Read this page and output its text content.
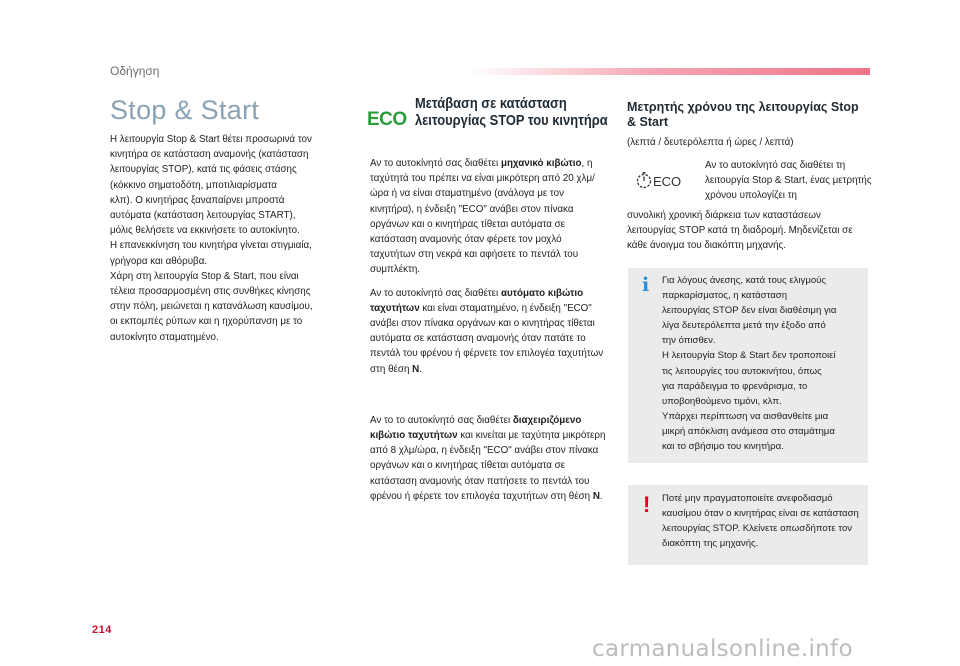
Οδήγηση
Stop & Start

Η λειτουργία Stop & Start θέτει προσωρινά τον
κινητήρα σε κατάσταση αναμονής (κατάσταση
λειτουργίας STOP), κατά τις φάσεις στάσης
(κόκκινο σηματοδότη, μποτιλιαρίσματα
κλπ). Ο κινητήρας ξαναπαίρνει μπροστά
αυτόματα (κατάσταση λειτουργίας START),
μόλις θελήσετε να εκκινήσετε το αυτοκίνητο.
Η επανεκκίνηση του κινητήρα γίνεται στιγμιαία,
γρήγορα και αθόρυβα.
Χάρη στη λειτουργία Stop & Start, που είναι
τέλεια προσαρμοσμένη στις συνθήκες κίνησης
στην πόλη, μειώνεται η κατανάλωση καυσίμου,
οι εκπομπές ρύπων και η ηχορύπανση με το
αυτοκίνητο σταματημένο.

ECO
Μετάβαση σε κατάσταση λειτουργίας STOP του κινητήρα

Αν το αυτοκίνητό σας διαθέτει μηχανικό κιβώτιο, η ταχύτητά του πρέπει να είναι μικρότερη από 20 χλμ/ώρα ή να είναι σταματημένο (ανάλογα με τον κινητήρα), η ένδειξη "ECO" ανάβει στον πίνακα οργάνων και ο κινητήρας τίθεται αυτόματα σε κατάσταση αναμονής όταν φέρετε τον μοχλό ταχυτήτων στη νεκρά και αφήσετε το πεντάλ του συμπλέκτη.

Αν το αυτοκίνητό σας διαθέτει αυτόματο κιβώτιο ταχυτήτων και είναι σταματημένο, η ένδειξη "ECO" ανάβει στον πίνακα οργάνων και ο κινητήρας τίθεται αυτόματα σε κατάσταση αναμονής όταν πατάτε το πεντάλ του φρένου ή φέρνετε τον επιλογέα ταχυτήτων στη θέση N.

Αν το το αυτοκίνητό σας διαθέτει διαχειριζόμενο κιβώτιο ταχυτήτων και κινείται με ταχύτητα μικρότερη από 8 χλμ/ώρα, η ένδειξη "ECO" ανάβει στον πίνακα οργάνων και ο κινητήρας τίθεται αυτόματα σε κατάσταση αναμονής όταν πατήσετε το πεντάλ του φρένου ή φέρετε τον επιλογέα ταχυτήτων στη θέση N.

Μετρητής χρόνου της λειτουργίας Stop & Start

(λεπτά / δευτερόλεπτα ή ώρες / λεπτά)

ECO

Αν το αυτοκίνητό σας διαθέτει τη λειτουργία Stop & Start, ένας μετρητής χρόνου υπολογίζει τη

συνολική χρονική διάρκεια των καταστάσεων λειτουργίας STOP κατά τη διαδρομή. Μηδενίζεται σε κάθε άνοιγμα του διακόπτη μηχανής.

i Για λόγους άνεσης, κατά τους ελιγμούς
παρκαρίσματος, η κατάσταση
λειτουργίας STOP δεν είναι διαθέσιμη για
λίγα δευτερόλεπτα μετά την έξοδο από
την όπισθεν.
Η λειτουργία Stop & Start δεν τροποποιεί
τις λειτουργίες του αυτοκινήτου, όπως
για παράδειγμα το φρενάρισμα, το
υποβοηθούμενο τιμόνι, κλπ.
Υπάρχει περίπτωση να αισθανθείτε μια
μικρή απόκλιση ανάμεσα στο σταμάτημα
και το σβήσιμο του κινητήρα.

! Ποτέ μην πραγματοποιείτε ανεφοδιασμό καυσίμου όταν ο κινητήρας είναι σε κατάσταση λειτουργίας STOP. Κλείνετε οπωσδήποτε τον διακόπτη της μηχανής.

214
carmanualsonline.info
